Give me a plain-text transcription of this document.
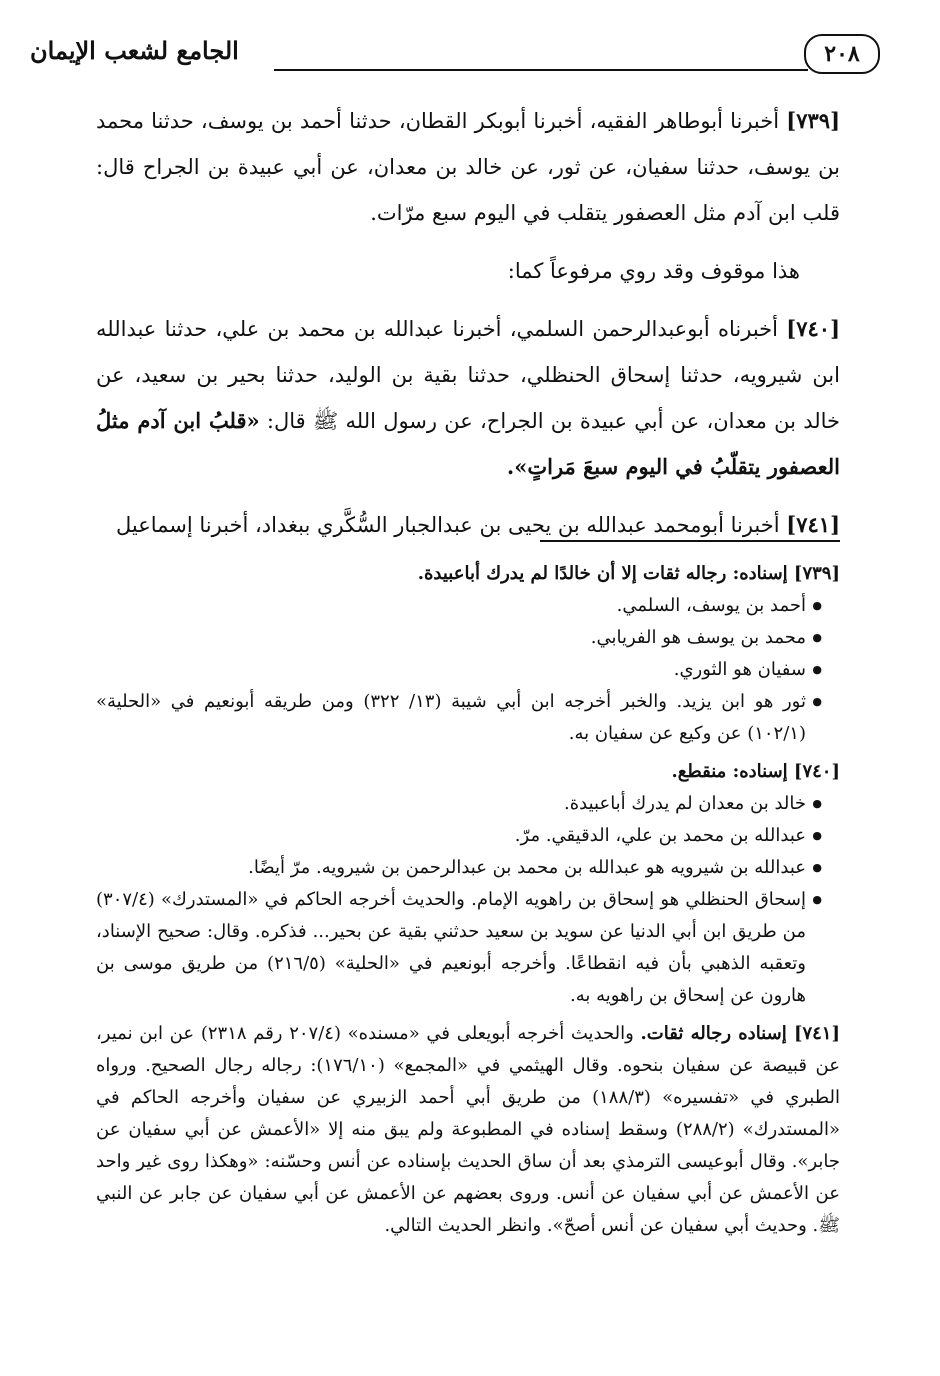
٢٠٨
الجامع لشعب الإيمان

[٧٣٩] أخبرنا أبوطاهر الفقيه، أخبرنا أبوبكر القطان، حدثنا أحمد بن يوسف، حدثنا محمد بن يوسف، حدثنا سفيان، عن ثور، عن خالد بن معدان، عن أبي عبيدة بن الجراح قال: قلب ابن آدم مثل العصفور يتقلب في اليوم سبع مرّات.

هذا موقوف وقد روي مرفوعاً كما:

[٧٤٠] أخبرناه أبوعبدالرحمن السلمي، أخبرنا عبدالله بن محمد بن علي، حدثنا عبدالله ابن شيرويه، حدثنا إسحاق الحنظلي، حدثنا بقية بن الوليد، حدثنا بحير بن سعيد، عن خالد بن معدان، عن أبي عبيدة بن الجراح، عن رسول الله ﷺ قال: «قلبُ ابن آدم مثلُ العصفور يتقلّبُ في اليوم سبعَ مَراتٍ».

[٧٤١] أخبرنا أبومحمد عبدالله بن يحيى بن عبدالجبار السُّكَّري ببغداد، أخبرنا إسماعيل

[٧٣٩] إسناده: رجاله ثقات إلا أن خالدًا لم يدرك أباعبيدة.
● أحمد بن يوسف، السلمي.
● محمد بن يوسف هو الفريابي.
● سفيان هو الثوري.
● ثور هو ابن يزيد. والخبر أخرجه ابن أبي شيبة (١٣/ ٣٢٢) ومن طريقه أبونعيم في «الحلية» (١٠٢/١) عن وكيع عن سفيان به.
[٧٤٠] إسناده: منقطع.
● خالد بن معدان لم يدرك أباعبيدة.
● عبدالله بن محمد بن علي، الدقيقي. مرّ.
● عبدالله بن شيرويه هو عبدالله بن محمد بن عبدالرحمن بن شيرويه. مرّ أيضًا.
● إسحاق الحنظلي هو إسحاق بن راهويه الإمام. والحديث أخرجه الحاكم في «المستدرك» (٣٠٧/٤) من طريق ابن أبي الدنيا عن سويد بن سعيد حدثني بقية عن بحير... فذكره. وقال: صحيح الإسناد، وتعقبه الذهبي بأن فيه انقطاعًا. وأخرجه أبونعيم في «الحلية» (٢١٦/٥) من طريق موسى بن هارون عن إسحاق بن راهويه به.

[٧٤١] إسناده رجاله ثقات. والحديث أخرجه أبويعلى في «مسنده» (٢٠٧/٤ رقم ٢٣١٨) عن ابن نمير، عن قبيصة عن سفيان بنحوه. وقال الهيثمي في «المجمع» (١٧٦/١٠): رجاله رجال الصحيح. ورواه الطبري في «تفسيره» (١٨٨/٣) من طريق أبي أحمد الزبيري عن سفيان وأخرجه الحاكم في «المستدرك» (٢٨٨/٢) وسقط إسناده في المطبوعة ولم يبق منه إلا «الأعمش عن أبي سفيان عن جابر». وقال أبوعيسى الترمذي بعد أن ساق الحديث بإسناده عن أنس وحسّنه: «وهكذا روى غير واحد عن الأعمش عن أبي سفيان عن أنس. وروى بعضهم عن الأعمش عن أبي سفيان عن جابر عن النبي ﷺ. وحديث أبي سفيان عن أنس أصحّ». وانظر الحديث التالي.
